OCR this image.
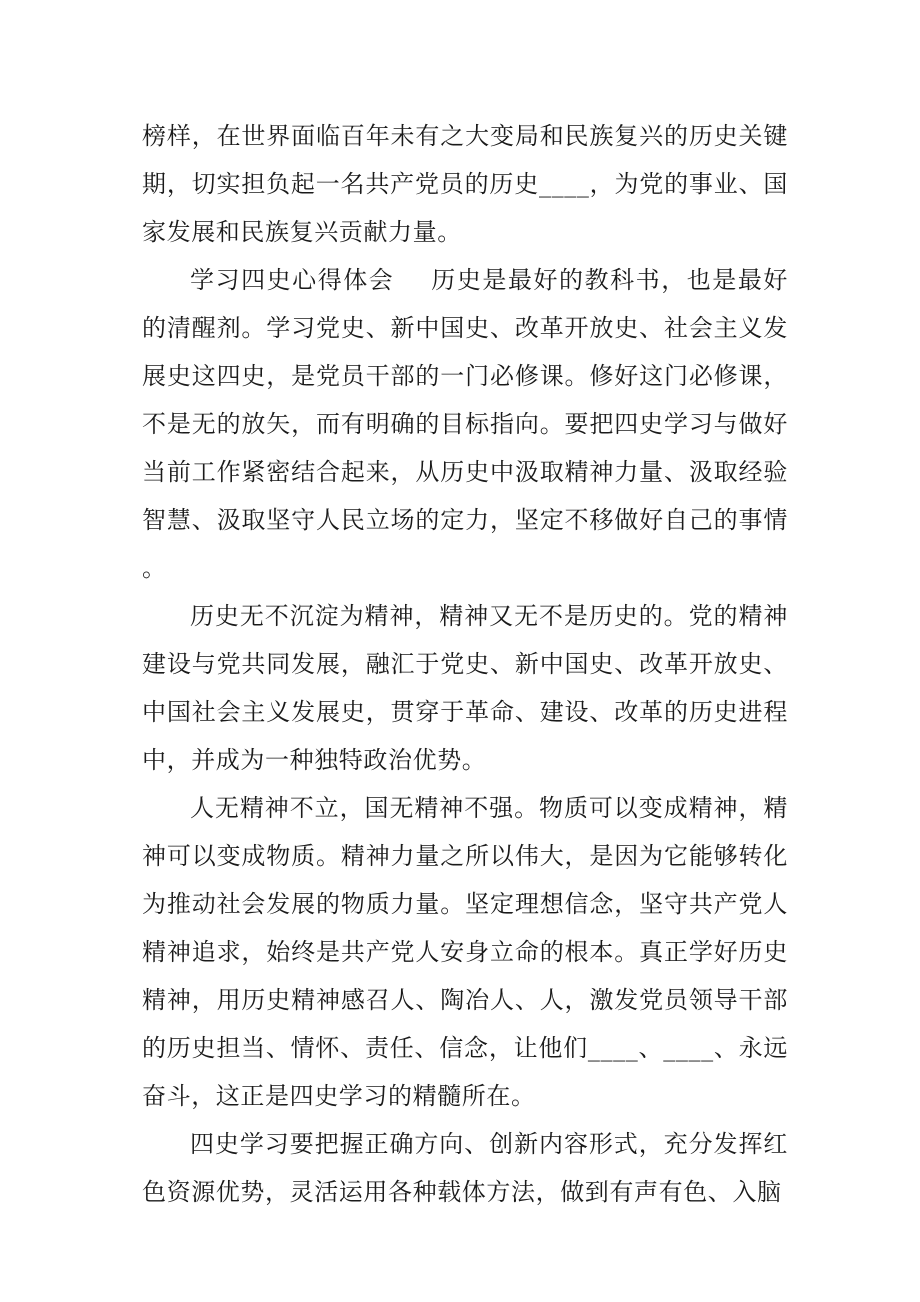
榜样，在世界面临百年未有之大变局和民族复兴的历史关键期，切实担负起一名共产党员的历史____，为党的事业、国家发展和民族复兴贡献力量。

学习四史心得体会 历史是最好的教科书，也是最好的清醒剂。学习党史、新中国史、改革开放史、社会主义发展史这四史，是党员干部的一门必修课。修好这门必修课，不是无的放矢，而有明确的目标指向。要把四史学习与做好当前工作紧密结合起来，从历史中汲取精神力量、汲取经验智慧、汲取坚守人民立场的定力，坚定不移做好自己的事情。

历史无不沉淀为精神，精神又无不是历史的。党的精神建设与党共同发展，融汇于党史、新中国史、改革开放史、中国社会主义发展史，贯穿于革命、建设、改革的历史进程中，并成为一种独特政治优势。

人无精神不立，国无精神不强。物质可以变成精神，精神可以变成物质。精神力量之所以伟大，是因为它能够转化为推动社会发展的物质力量。坚定理想信念，坚守共产党人精神追求，始终是共产党人安身立命的根本。真正学好历史精神，用历史精神感召人、陶冶人、人，激发党员领导干部的历史担当、情怀、责任、信念，让他们____、____、永远奋斗，这正是四史学习的精髓所在。

四史学习要把握正确方向、创新内容形式，充分发挥红色资源优势，灵活运用各种载体方法，做到有声有色、入脑
